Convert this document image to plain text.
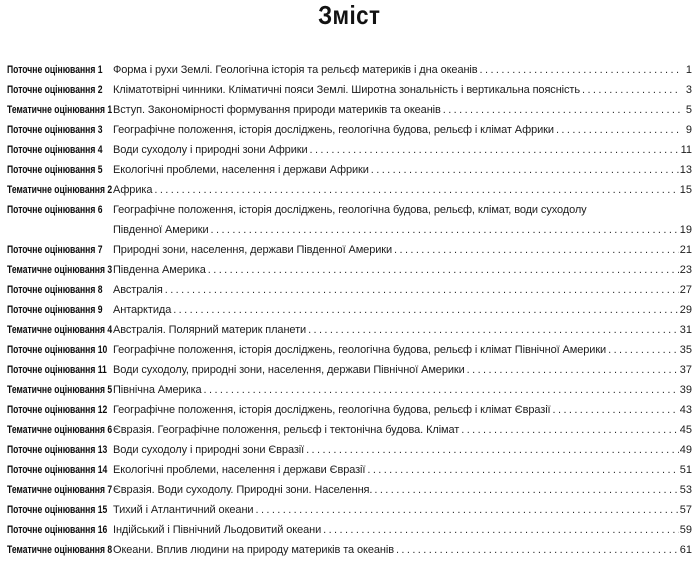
Зміст
Поточне оцінювання 1 Форма і рухи Землі. Геологічна історія та рельєф материків і дна океанів .....	1
Поточне оцінювання 2 Кліматотвірні чинники. Кліматичні пояси Землі. Широтна зональність і вертикальна поясність .....	3
Тематичне оцінювання 1 Вступ. Закономірності формування природи материків та океанів .....	5
Поточне оцінювання 3 Географічне положення, історія досліджень, геологічна будова, рельєф і клімат Африки .....	9
Поточне оцінювання 4 Води суходолу і природні зони Африки .....	11
Поточне оцінювання 5 Екологічні проблеми, населення і держави Африки .....	13
Тематичне оцінювання 2 Африка .....	15
Поточне оцінювання 6 Географічне положення, історія досліджень, геологічна будова, рельєф, клімат, води суходолу
Південної Америки .....	19
Поточне оцінювання 7 Природні зони, населення, держави Південної Америки .....	21
Тематичне оцінювання 3 Південна Америка .....	23
Поточне оцінювання 8 Австралія .....	27
Поточне оцінювання 9 Антарктида .....	29
Тематичне оцінювання 4 Австралія. Полярний материк планети .....	31
Поточне оцінювання 10 Географічне положення, історія досліджень, геологічна будова, рельєф і клімат Північної Америки .....	35
Поточне оцінювання 11 Води суходолу, природні зони, населення, держави Північної Америки .....	37
Тематичне оцінювання 5 Північна Америка .....	39
Поточне оцінювання 12 Географічне положення, історія досліджень, геологічна будова, рельєф і клімат Євразії .....	43
Тематичне оцінювання 6 Євразія. Географічне положення, рельєф і тектонічна будова. Клімат .....	45
Поточне оцінювання 13 Води суходолу і природні зони Євразії .....	49
Поточне оцінювання 14 Екологічні проблеми, населення і держави Євразії .....	51
Тематичне оцінювання 7 Євразія. Води суходолу. Природні зони. Населення. .....	53
Поточне оцінювання 15 Тихий і Атлантичний океани .....	57
Поточне оцінювання 16 Індійський і Північний Льодовитий океани .....	59
Тематичне оцінювання 8 Океани. Вплив людини на природу материків та океанів .....	61
